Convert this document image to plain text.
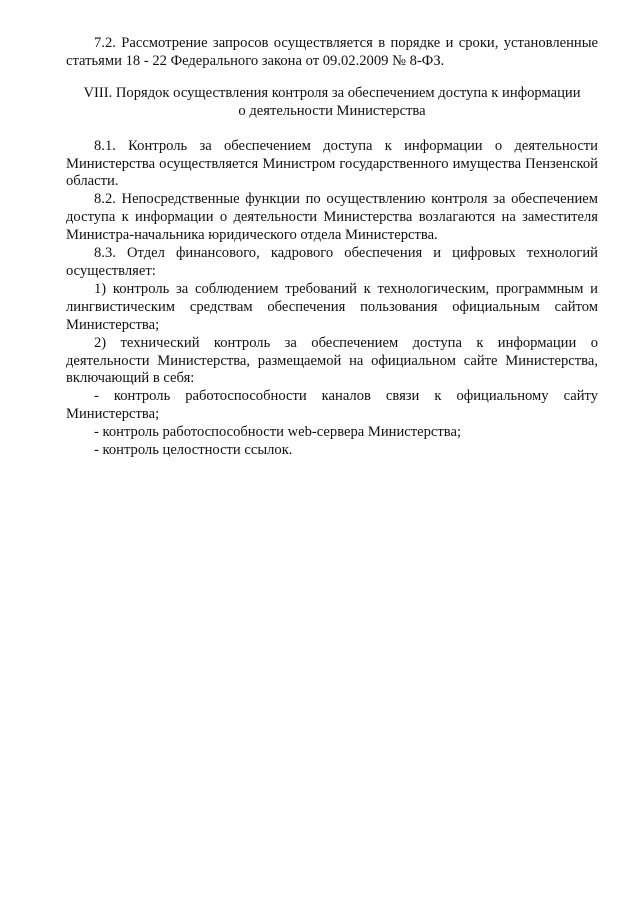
7.2. Рассмотрение запросов осуществляется в порядке и сроки, установленные статьями 18 - 22 Федерального закона от 09.02.2009 № 8-ФЗ.

VIII. Порядок осуществления контроля за обеспечением доступа к информации
о деятельности Министерства

8.1. Контроль за обеспечением доступа к информации о деятельности Министерства осуществляется Министром государственного имущества Пензенской области.

8.2. Непосредственные функции по осуществлению контроля за обеспечением доступа к информации о деятельности Министерства возлагаются на заместителя Министра-начальника юридического отдела Министерства.

8.3. Отдел финансового, кадрового обеспечения и цифровых технологий осуществляет:

1) контроль за соблюдением требований к технологическим, программным и лингвистическим средствам обеспечения пользования официальным сайтом Министерства;

2) технический контроль за обеспечением доступа к информации о деятельности Министерства, размещаемой на официальном сайте Министерства, включающий в себя:

- контроль работоспособности каналов связи к официальному сайту Министерства;

- контроль работоспособности web-сервера Министерства;

- контроль целостности ссылок.
